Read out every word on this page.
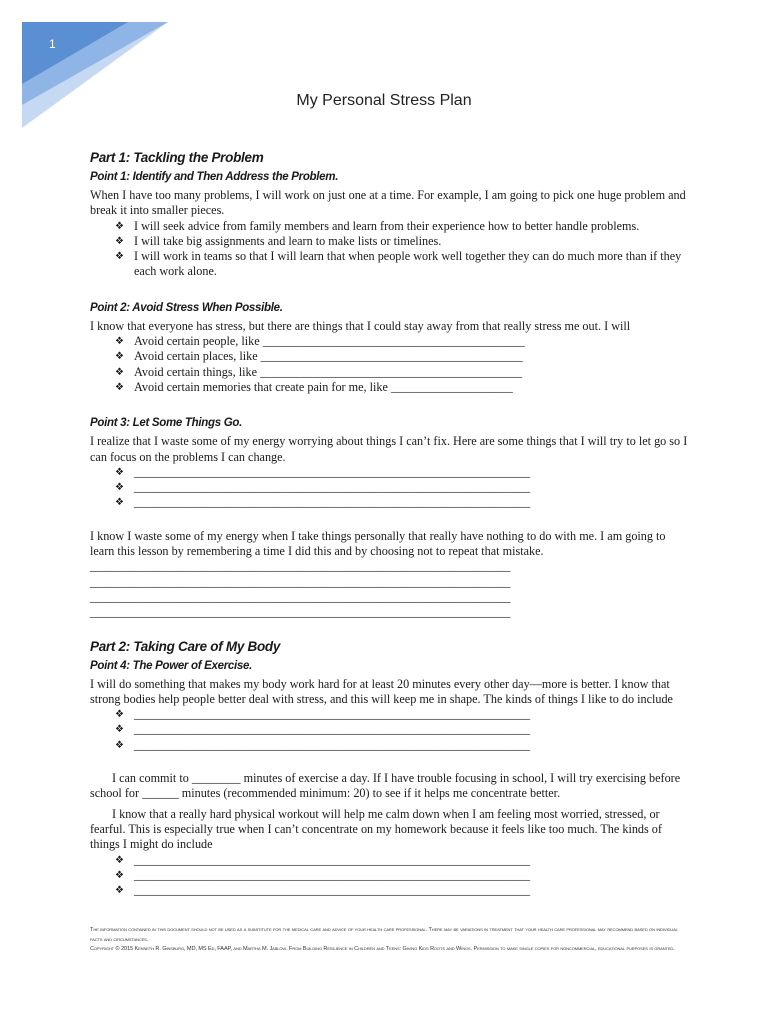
1
My Personal Stress Plan
Part 1: Tackling the Problem
Point 1: Identify and Then Address the Problem.

When I have too many problems, I will work on just one at a time. For example, I am going to pick one huge problem and break it into smaller pieces.

❖ I will seek advice from family members and learn from their experience how to better handle problems.
❖ I will take big assignments and learn to make lists or timelines.
❖ I will work in teams so that I will learn that when people work well together they can do much more than if they each work alone.
Point 2: Avoid Stress When Possible.

I know that everyone has stress, but there are things that I could stay away from that really stress me out. I will

❖ Avoid certain people, like ___________________________________________
❖ Avoid certain places, like ___________________________________________
❖ Avoid certain things, like ___________________________________________
❖ Avoid certain memories that create pain for me, like ____________________
Point 3: Let Some Things Go.

I realize that I waste some of my energy worrying about things I can’t fix. Here are some things that I will try to let go so I can focus on the problems I can change.

❖ _________________________________________________________________
❖ _________________________________________________________________
❖ _________________________________________________________________

I know I waste some of my energy when I take things personally that really have nothing to do with me. I am going to learn this lesson by remembering a time I did this and by choosing not to repeat that mistake.

_____________________________________________________________________
_____________________________________________________________________
_____________________________________________________________________
_____________________________________________________________________
Part 2: Taking Care of My Body
Point 4: The Power of Exercise.

I will do something that makes my body work hard for at least 20 minutes every other day—more is better. I know that strong bodies help people better deal with stress, and this will keep me in shape. The kinds of things I like to do include

❖ _________________________________________________________________
❖ _________________________________________________________________
❖ _________________________________________________________________

I can commit to ________ minutes of exercise a day. If I have trouble focusing in school, I will try exercising before school for ______ minutes (recommended minimum: 20) to see if it helps me concentrate better.

I know that a really hard physical workout will help me calm down when I am feeling most worried, stressed, or fearful. This is especially true when I can’t concentrate on my homework because it feels like too much. The kinds of things I might do include

❖ _________________________________________________________________
❖ _________________________________________________________________
❖ _________________________________________________________________
The information contained in this document should not be used as a substitute for the medical care and advice of your health care professional. There may be variations in treatment that your health care professional may recommend based on individual facts and circumstances.
Copyright © 2015 Kenneth R. Ginsburg, MD, MS Ed, FAAP, and Martha M. Jablow. From Building Resilience in Children and Teens: Giving Kids Roots and Wings. Permission to make single copies for noncommercial, educational purposes is granted.
